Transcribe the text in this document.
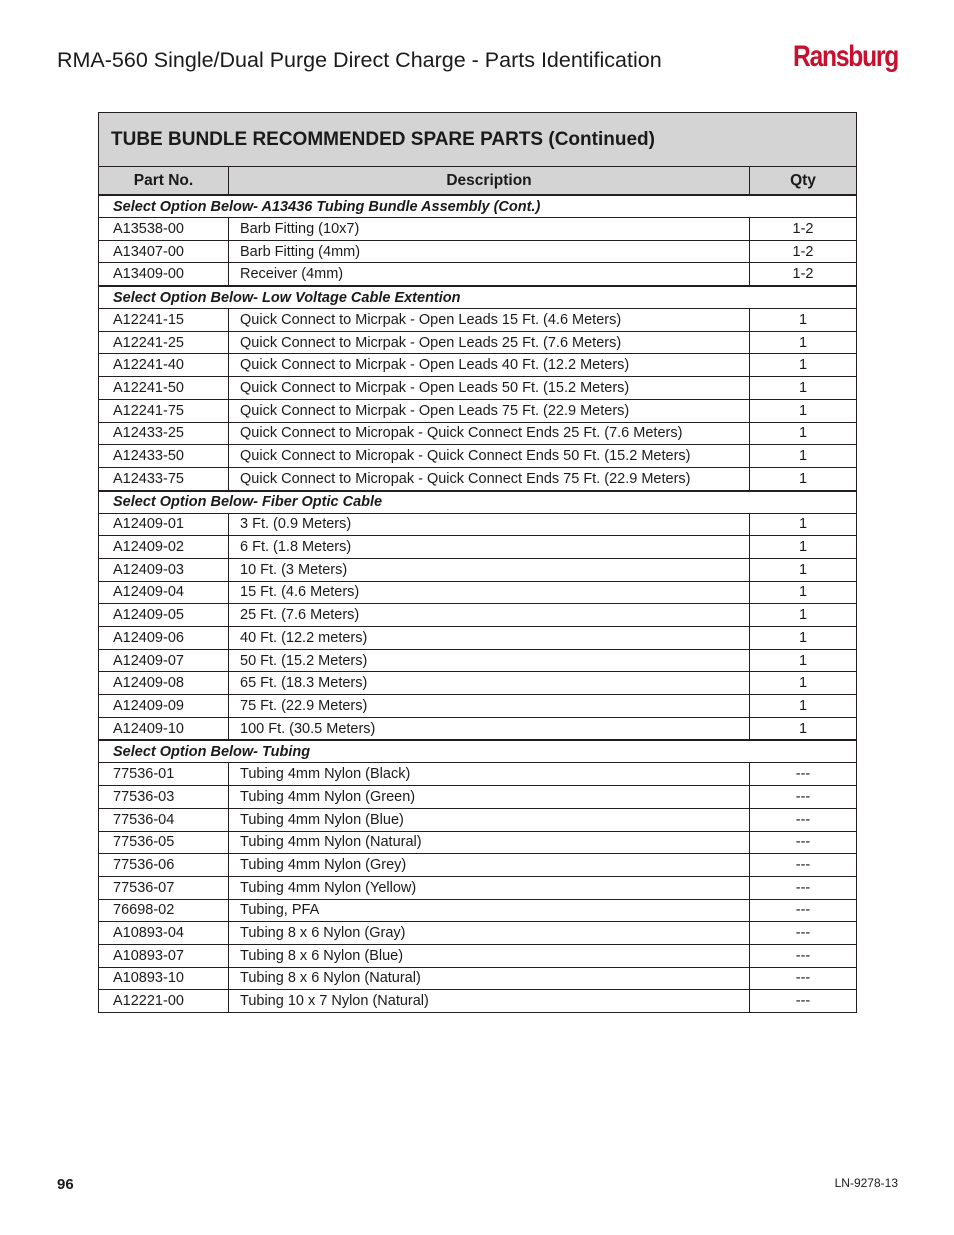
RMA-560 Single/Dual Purge Direct Charge - Parts Identification	Ransburg
TUBE BUNDLE RECOMMENDED SPARE PARTS (Continued)		
Part No.	Description	Qty
Select Option Below- A13436 Tubing Bundle Assembly (Cont.)		
A13538-00	Barb Fitting (10x7)	1-2
A13407-00	Barb Fitting (4mm)	1-2
A13409-00	Receiver (4mm)	1-2
Select Option Below- Low Voltage Cable Extention		
A12241-15	Quick Connect to Micrpak - Open Leads 15 Ft. (4.6 Meters)	1
A12241-25	Quick Connect to Micrpak - Open Leads 25 Ft. (7.6 Meters)	1
A12241-40	Quick Connect to Micrpak - Open Leads 40 Ft. (12.2 Meters)	1
A12241-50	Quick Connect to Micrpak - Open Leads 50 Ft. (15.2 Meters)	1
A12241-75	Quick Connect to Micrpak - Open Leads 75 Ft. (22.9 Meters)	1
A12433-25	Quick Connect to Micropak - Quick Connect Ends 25 Ft. (7.6 Meters)	1
A12433-50	Quick Connect to Micropak - Quick Connect Ends 50 Ft. (15.2 Meters)	1
A12433-75	Quick Connect to Micropak - Quick Connect Ends 75 Ft. (22.9 Meters)	1
Select Option Below- Fiber Optic Cable		
A12409-01	3 Ft. (0.9 Meters)	1
A12409-02	6 Ft. (1.8 Meters)	1
A12409-03	10 Ft. (3 Meters)	1
A12409-04	15 Ft. (4.6 Meters)	1
A12409-05	25 Ft. (7.6 Meters)	1
A12409-06	40 Ft. (12.2 meters)	1
A12409-07	50 Ft. (15.2 Meters)	1
A12409-08	65 Ft. (18.3 Meters)	1
A12409-09	75 Ft. (22.9 Meters)	1
A12409-10	100 Ft. (30.5 Meters)	1
Select Option Below- Tubing		
77536-01	Tubing 4mm Nylon (Black)	---
77536-03	Tubing 4mm Nylon (Green)	---
77536-04	Tubing 4mm Nylon (Blue)	---
77536-05	Tubing 4mm Nylon (Natural)	---
77536-06	Tubing 4mm Nylon (Grey)	---
77536-07	Tubing 4mm Nylon (Yellow)	---
76698-02	Tubing, PFA	---
A10893-04	Tubing 8 x 6 Nylon (Gray)	---
A10893-07	Tubing 8 x 6 Nylon (Blue)	---
A10893-10	Tubing 8 x 6 Nylon (Natural)	---
A12221-00	Tubing 10 x 7 Nylon (Natural)	---
96	LN-9278-13
